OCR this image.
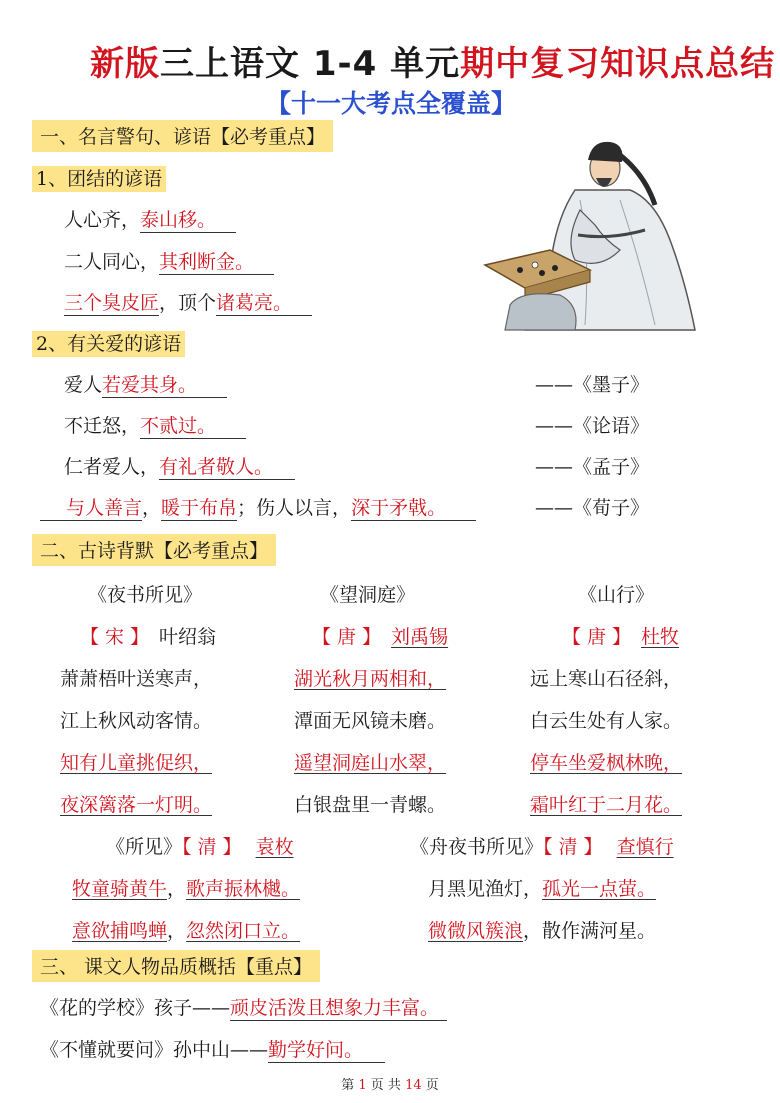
新版三上语文 1-4 单元期中复习知识点总结
【十一大考点全覆盖】
一、名言警句、谚语【必考重点】
1、团结的谚语
人心齐，泰山移。
二人同心，其利断金。
三个臭皮匠，顶个诸葛亮。
2、有关爱的谚语
爱人若爱其身。	——《墨子》
不迁怒，不贰过。	——《论语》
仁者爱人，有礼者敬人。	——《孟子》
与人善言，暖于布帛；伤人以言，深于矛戟。	——《荀子》
二、古诗背默【必考重点】
《夜书所见》
【 宋 】 叶绍翁
萧萧梧叶送寒声，
江上秋风动客情。
知有儿童挑促织，
夜深篱落一灯明。
《望洞庭》
【 唐 】 刘禹锡
湖光秋月两相和，
潭面无风镜未磨。
遥望洞庭山水翠，
白银盘里一青螺。
《山行》
【 唐 】 杜牧
远上寒山石径斜，
白云生处有人家。
停车坐爱枫林晚，
霜叶红于二月花。
《所见》【 清 】 袁枚
牧童骑黄牛，歌声振林樾。
意欲捕鸣蝉，忽然闭口立。
《舟夜书所见》【 清 】 查慎行
月黑见渔灯，孤光一点萤。
微微风簇浪，散作满河星。
三、 课文人物品质概括【重点】
《花的学校》孩子——顽皮活泼且想象力丰富。
《不懂就要问》孙中山——勤学好问。
第 1 页 共 14 页
